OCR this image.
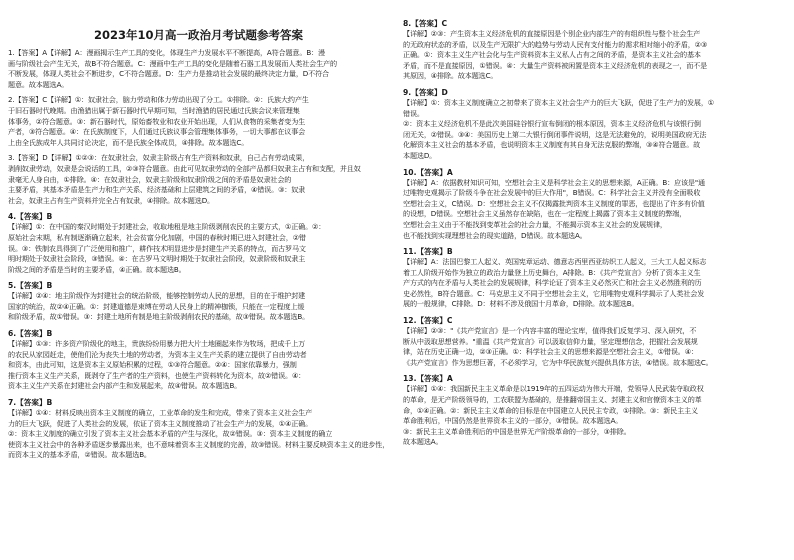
2023年10月高一政治月考试题参考答案
1.【答案】A【详解】A：漫画揭示生产工具的变化，体现生产力发展水平不断提高，A符合题意。B：漫
画与阶级社会产生无关，故B不符合题意。C：漫画中生产工具的变化是随着石器工具发展而人类社会生产的
不断发展，体现人类社会不断进步，C不符合题意。D：生产力是推动社会发展的最终决定力量，D不符合
题意。故本题选A。
2.【答案】C【详解】①：奴隶社会，脑力劳动和体力劳动出现了分工。①排除。②：氏族大约产生
于旧石器时代晚期。由渔猎出属于新石器时代早期可知，当时渔猎的居民通过氏族会议来管理集
体事务，②符合题意。③：新石器时代，原始畜牧业和农业开始出现，人们从食物的采集者变为生
产者，③符合题意。④：在氏族制度下，人们通过氏族议事会管理集体事务，一切大事都在议事会
上由全氏族成年人共同讨论决定，而不是氏族全体成员，④排除。故本题选C。
3.【答案】D【详解】①②③：在奴隶社会，奴隶主阶级占有生产资料和奴隶，自己占有劳动成果，
剥削奴隶劳动，奴隶是会说话的工具，②③符合题意。由此可见奴隶劳动的全部产品都归奴隶主占有和支配，并且奴
隶毫无人身自由，①排除。④：在奴隶社会，奴隶主阶级和奴隶阶级之间的矛盾是奴隶社会的
主要矛盾，其基本矛盾是生产力和生产关系、经济基础和上层建筑之间的矛盾，④错误。③：奴隶
社会，奴隶主占有生产资料并完全占有奴隶，④排除。故本题选D。
4.【答案】B
【详解】①：在中国的秦汉时期处于封建社会，收取地租是地主阶级剥削农民的主要方式，①正确。②：
原始社会末期，私有制逐渐确立起来，社会贫富分化加剧，中国的春秋时期已进入封建社会，②错
误。③：铁制农具得到了广泛使用和推广，耕作技术明显进步是封建生产关系的特点，而古罗马文
明时期处于奴隶社会阶段，③错误。④：在古罗马文明时期处于奴隶社会阶段，奴隶阶级和奴隶主
阶级之间的矛盾是当时的主要矛盾，④正确。故本题选B。
5.【答案】B
【详解】②④：地主阶级作为封建社会的统治阶级，能够控制劳动人民的思想，目的在于维护封建
国家的统治，故②④正确。①：封建道德是束缚在劳动人民身上的精神枷锁，只能在一定程度上缓
和阶级矛盾，故①错误。③：封建土地所有制是地主阶级剥削农民的基础，故③错误。故本题选B。
6.【答案】B
【详解】①③：许多资产阶级化的地主，贵族纷纷用暴力把大片土地圈起来作为牧场，把成千上万
的农民从家园赶走，使他们沦为丧失土地的劳动者，为资本主义生产关系的建立提供了自由劳动者
和资本，由此可知，这是资本主义原始积累的过程，①③符合题意。②④：国家依靠暴力，强制
推行资本主义生产关系，既剥夺了生产者的生产资料，也使生产资料转化为资本，故②错误。④：
资本主义生产关系在封建社会内部产生和发展起来，故④错误。故本题选B。
7.【答案】B
【详解】①④：材料反映出资本主义制度的确立，工业革命的发生和完成，带来了资本主义社会生产
力的巨大飞跃，促进了人类社会的发展，依证了资本主义制度推动了社会生产力的发展，①④正确。
②：资本主义制度的确立引发了资本主义社会基本矛盾的产生与深化，故②错误。③：资本主义制度的确立
使资本主义社会中的各种矛盾逐步暴露出来，也不意味着资本主义制度的完善，故③错误。材料主要反映资本主义的进步性，
而资本主义的基本矛盾，②错误。故本题选B。
8.【答案】C
【详解】②③：产生资本主义经济危机的直接原因是个别企业内部生产的有组织性与整个社会生产
的无政府状态的矛盾，以及生产无限扩大的趋势与劳动人民有支付能力的需求相对缩小的矛盾，②③
正确。①：资本主义生产社会化与生产资料资本主义私人占有之间的矛盾，是资本主义社会的基本
矛盾，而不是直接原因，①错误。④：大量生产资料被闲置是资本主义经济危机的表现之一，而不是
其原因，④排除。故本题选C。
9.【答案】D
【详解】①：资本主义制度确立之初带来了资本主义社会生产力的巨大飞跃，促进了生产力的发展，①
错误。
②：资本主义经济危机不是此次美国硅谷银行宣布倒闭的根本原因，资本主义经济危机与该银行倒
闭无关，②错误。③④：美国历史上第二大银行倒闭事件说明，这是无法避免的，说明美国政府无法
化解资本主义社会的基本矛盾，也说明资本主义制度有其自身无法克服的弊端，③④符合题意。故
本题选D。
10.【答案】A
【详解】A：依据教材知识可知，空想社会主义是科学社会主义的思想来源，A正确。B：应该是"通
过唯物史观揭示了阶级斗争在社会发展中的巨大作用"，B错误。C：科学社会主义并没有全面吸收
空想社会主义，C错误。D：空想社会主义不仅揭露批判资本主义制度的罪恶，也提出了许多有价值
的设想，D错误。空想社会主义虽然存在缺陷，也在一定程度上揭露了资本主义制度的弊端，
空想社会主义由于不能找到变革社会的社会力量，不能揭示资本主义社会的发展规律，
也不能找到实现理想社会的现实道路，D错误。故本题选A。
11.【答案】B
【详解】A：法国巴黎工人起义、英国宪章运动、德意志西里西亚纺织工人起义，三大工人起义标志
着工人阶级开始作为独立的政治力量登上历史舞台，A排除。B：《共产党宣言》分析了资本主义生
产方式的内在矛盾与人类社会的发展规律，科学论证了资本主义必然灭亡和社会主义必然胜利的历
史必然性，B符合题意。C：马克思主义不同于空想社会主义，它用唯物史观科学揭示了人类社会发
展的一般规律，C排除。D：材料不涉及俄国十月革命，D排除。故本题选B。
12.【答案】C
【详解】②③："《共产党宣言》是一个内容丰富的理论宝库，值得我们反复学习、深入研究，不
断从中汲取思想营养。"重温《共产党宣言》可以汲取信仰力量，坚定理想信念，把握社会发展规
律，站在历史正确一边，②③正确。①：科学社会主义的思想来源是空想社会主义，①错误。④：
《共产党宣言》作为思想巨著，不必须学习，它为中华民族复兴提供具体方法，④错误。故本题选C。
13.【答案】A
【详解】①④：我国新民主主义革命是以1919年的五四运动为伟大开端，党领导人民武装夺取政权
的革命，是无产阶级领导的，工农联盟为基础的，是推翻帝国主义、封建主义和官僚资本主义的革
命，①④正确。②：新民主主义革命的目标是在中国建立人民民主专政，①排除。③：新民主主义
革命胜利后，中国仍然是世界资本主义的一部分，③错误。故本题选A。
③：新民主主义革命胜利后的中国是世界无产阶级革命的一部分，③排除。
故本题选A。
